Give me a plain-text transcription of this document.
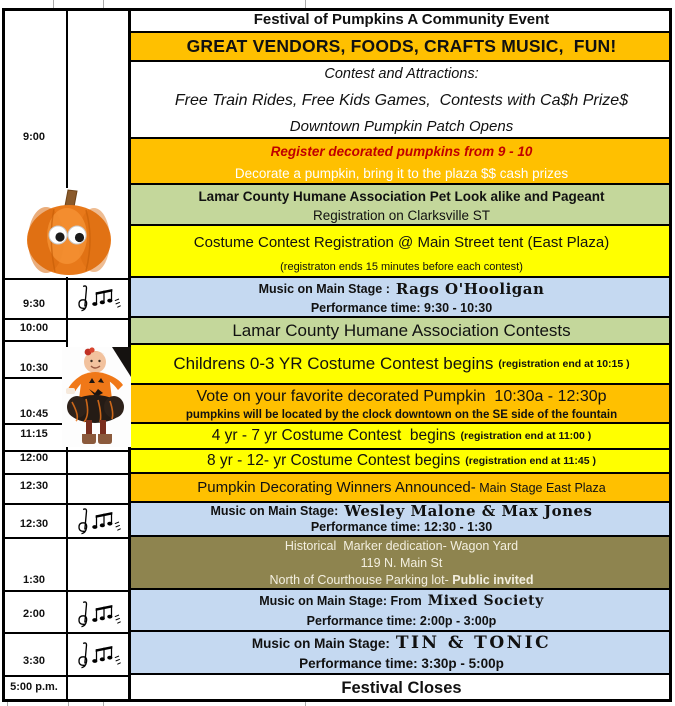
Festival of Pumpkins A Community Event
GREAT VENDORS, FOODS, CRAFTS MUSIC,  FUN!
Contest and Attractions:
Free Train Rides, Free Kids Games,  Contests with Ca$h Prize$
Downtown Pumpkin Patch Opens
Register decorated pumpkins from 9 - 10
Decorate a pumpkin, bring it to the plaza $$ cash prizes
Lamar County Humane Association Pet Look alike and Pageant
Registration on Clarksville ST
Costume Contest Registration @ Main Street tent (East Plaza)
(registraton ends 15 minutes before each contest)
Music on Main Stage : Rags O'Hooligan
Performance time: 9:30 - 10:30
Lamar County Humane Association Contests
Childrens 0-3 YR Costume Contest begins (registration end at 10:15 )
Vote on your favorite decorated Pumpkin  10:30a - 12:30p
pumpkins will be located by the clock downtown on the SE side of the fountain
4 yr - 7 yr Costume Contest  begins (registration end at 11:00 )
8 yr - 12- yr Costume Contest begins (registration end at 11:45 )
Pumpkin Decorating Winners Announced- Main Stage East Plaza
Music on Main Stage: Wesley Malone & Max Jones
Performance time: 12:30 - 1:30
Historical  Marker dedication- Wagon Yard
119 N. Main St
North of Courthouse Parking lot- Public invited
Music on Main Stage: From Mixed Society
Performance time: 2:00p - 3:00p
Music on Main Stage: TIN & TONIC
Performance time: 3:30p - 5:00p
Festival Closes
9:00
9:30
10:00
10:30
10:45
11:15
12:00
12:30
12:30
1:30
2:00
3:30
5:00 p.m.
